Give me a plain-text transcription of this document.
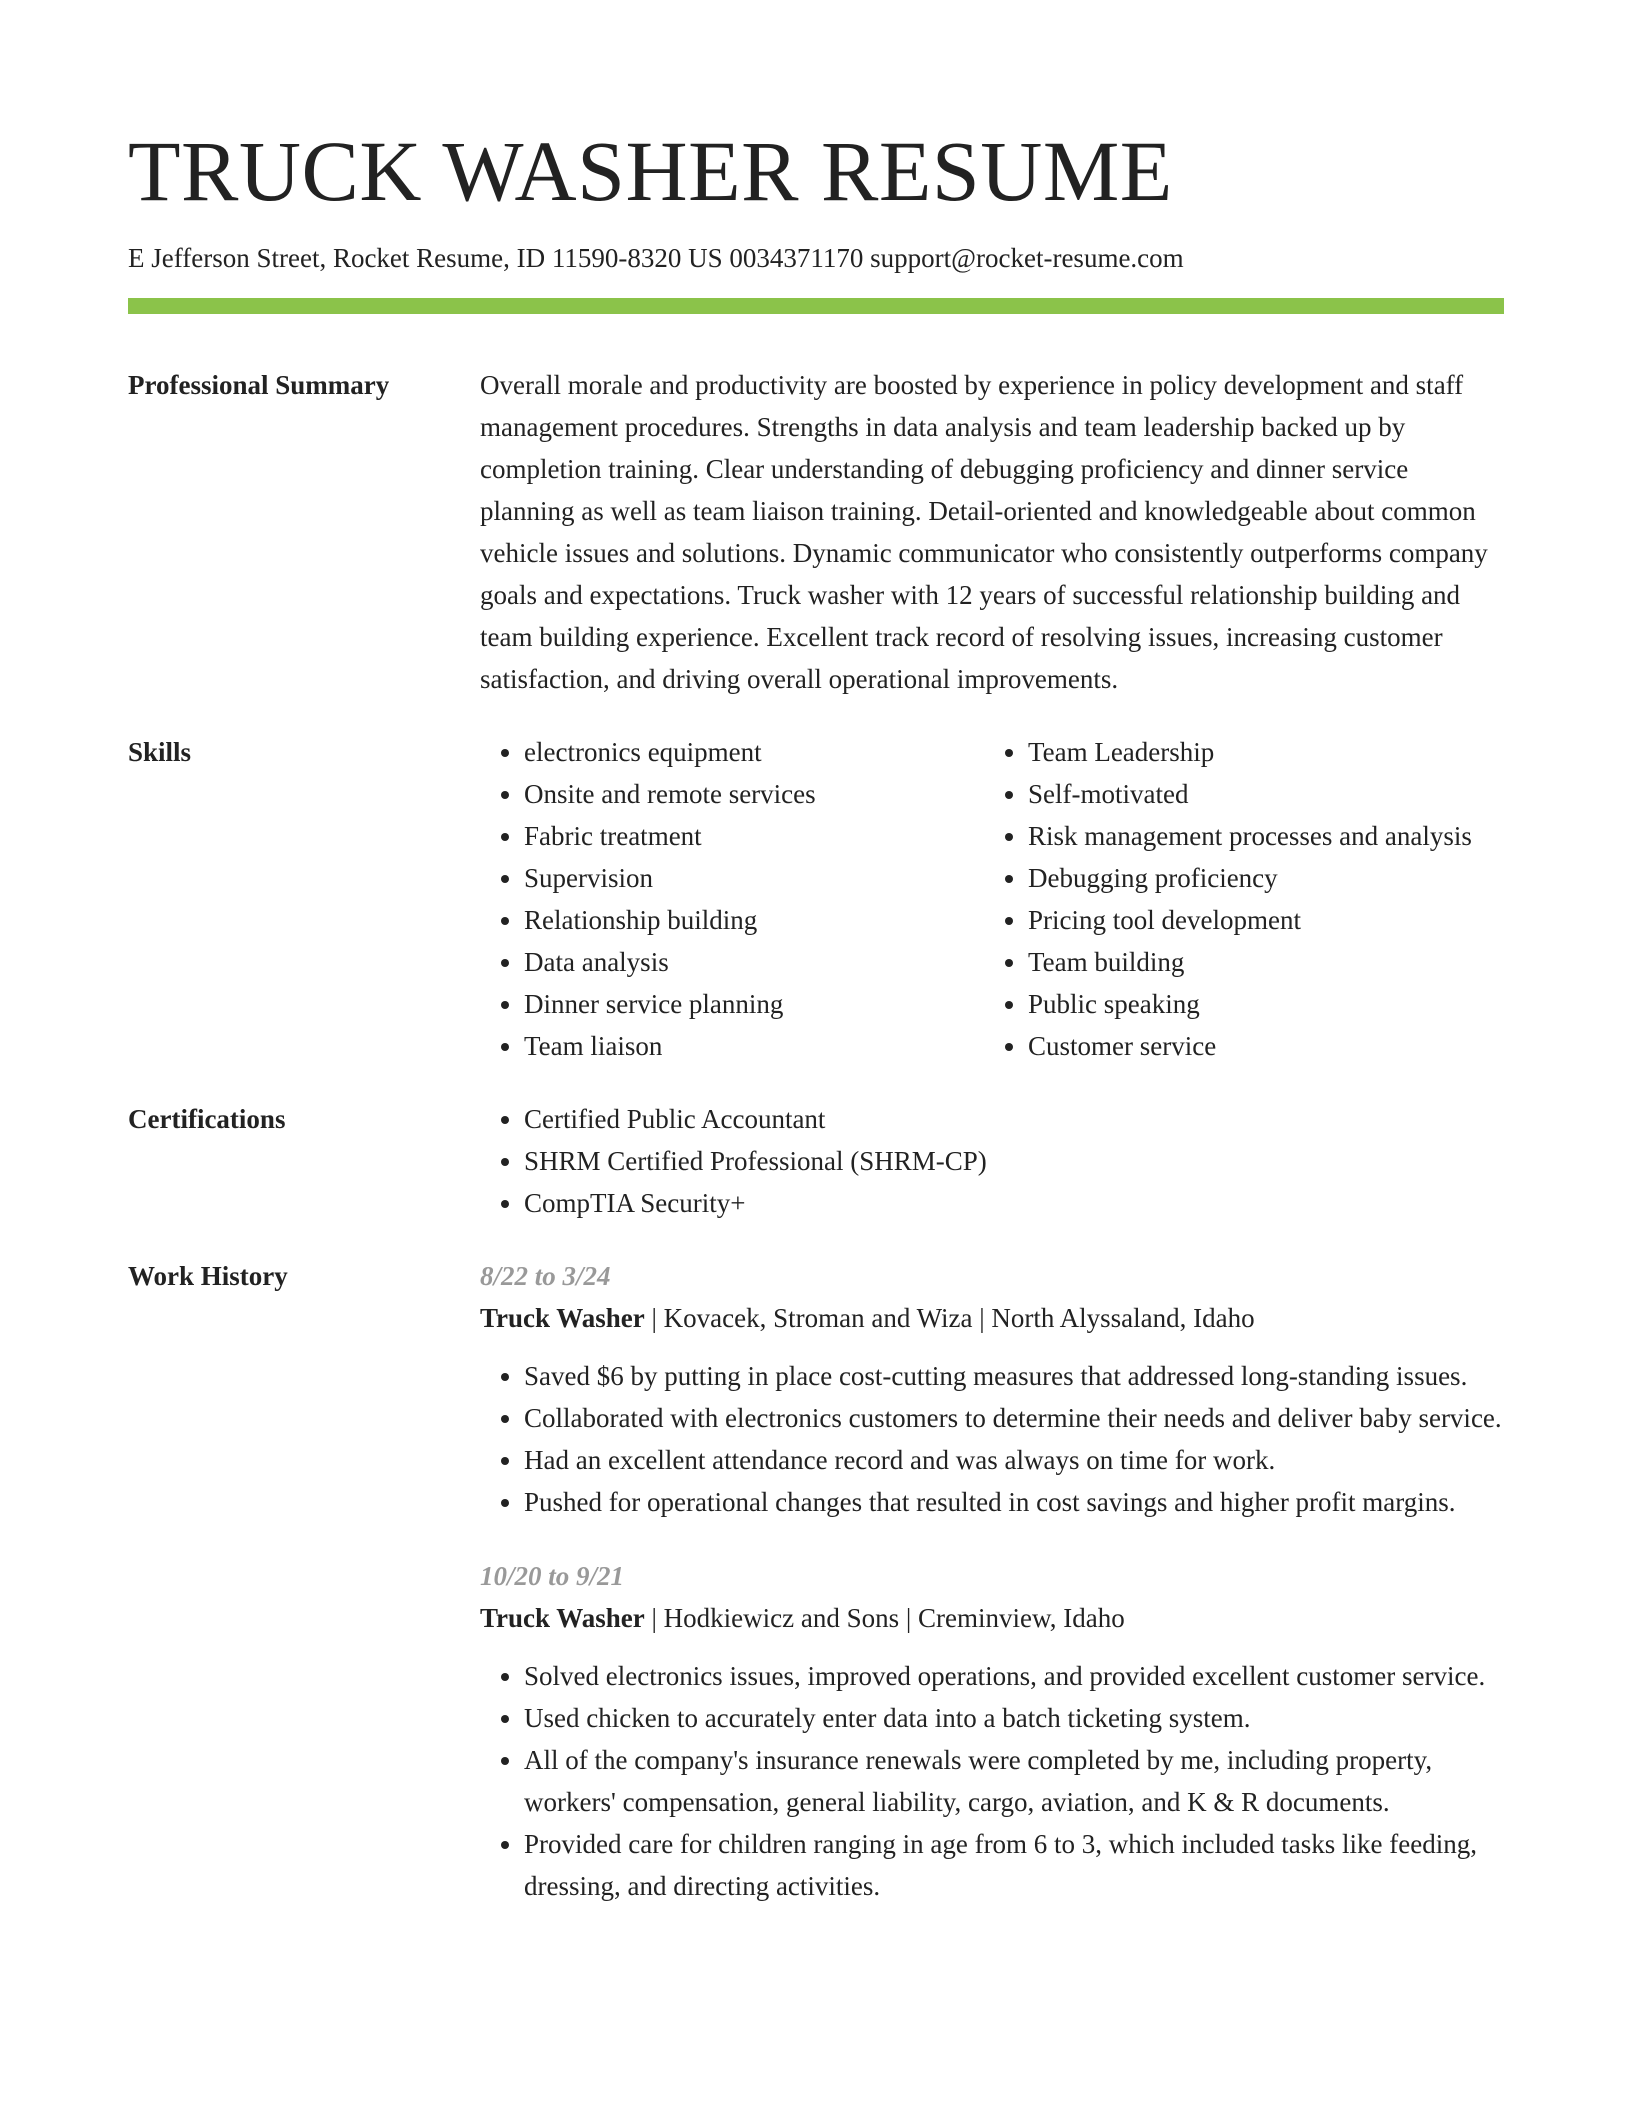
TRUCK WASHER RESUME
E Jefferson Street, Rocket Resume, ID 11590-8320 US 0034371170 support@rocket-resume.com
Professional Summary	Overall morale and productivity are boosted by experience in policy development and staff management procedures. Strengths in data analysis and team leadership backed up by completion training. Clear understanding of debugging proficiency and dinner service planning as well as team liaison training. Detail-oriented and knowledgeable about common vehicle issues and solutions. Dynamic communicator who consistently outperforms company goals and expectations. Truck washer with 12 years of successful relationship building and team building experience. Excellent track record of resolving issues, increasing customer satisfaction, and driving overall operational improvements.
Skills	• electronics equipment
• Onsite and remote services
• Fabric treatment
• Supervision
• Relationship building
• Data analysis
• Dinner service planning
• Team liaison
• Team Leadership
• Self-motivated
• Risk management processes and analysis
• Debugging proficiency
• Pricing tool development
• Team building
• Public speaking
• Customer service
Certifications	• Certified Public Accountant
• SHRM Certified Professional (SHRM-CP)
• CompTIA Security+
Work History	8/22 to 3/24
Truck Washer | Kovacek, Stroman and Wiza | North Alyssaland, Idaho
• Saved $6 by putting in place cost-cutting measures that addressed long-standing issues.
• Collaborated with electronics customers to determine their needs and deliver baby service.
• Had an excellent attendance record and was always on time for work.
• Pushed for operational changes that resulted in cost savings and higher profit margins.
10/20 to 9/21
Truck Washer | Hodkiewicz and Sons | Creminview, Idaho
• Solved electronics issues, improved operations, and provided excellent customer service.
• Used chicken to accurately enter data into a batch ticketing system.
• All of the company's insurance renewals were completed by me, including property, workers' compensation, general liability, cargo, aviation, and K & R documents.
• Provided care for children ranging in age from 6 to 3, which included tasks like feeding, dressing, and directing activities.
